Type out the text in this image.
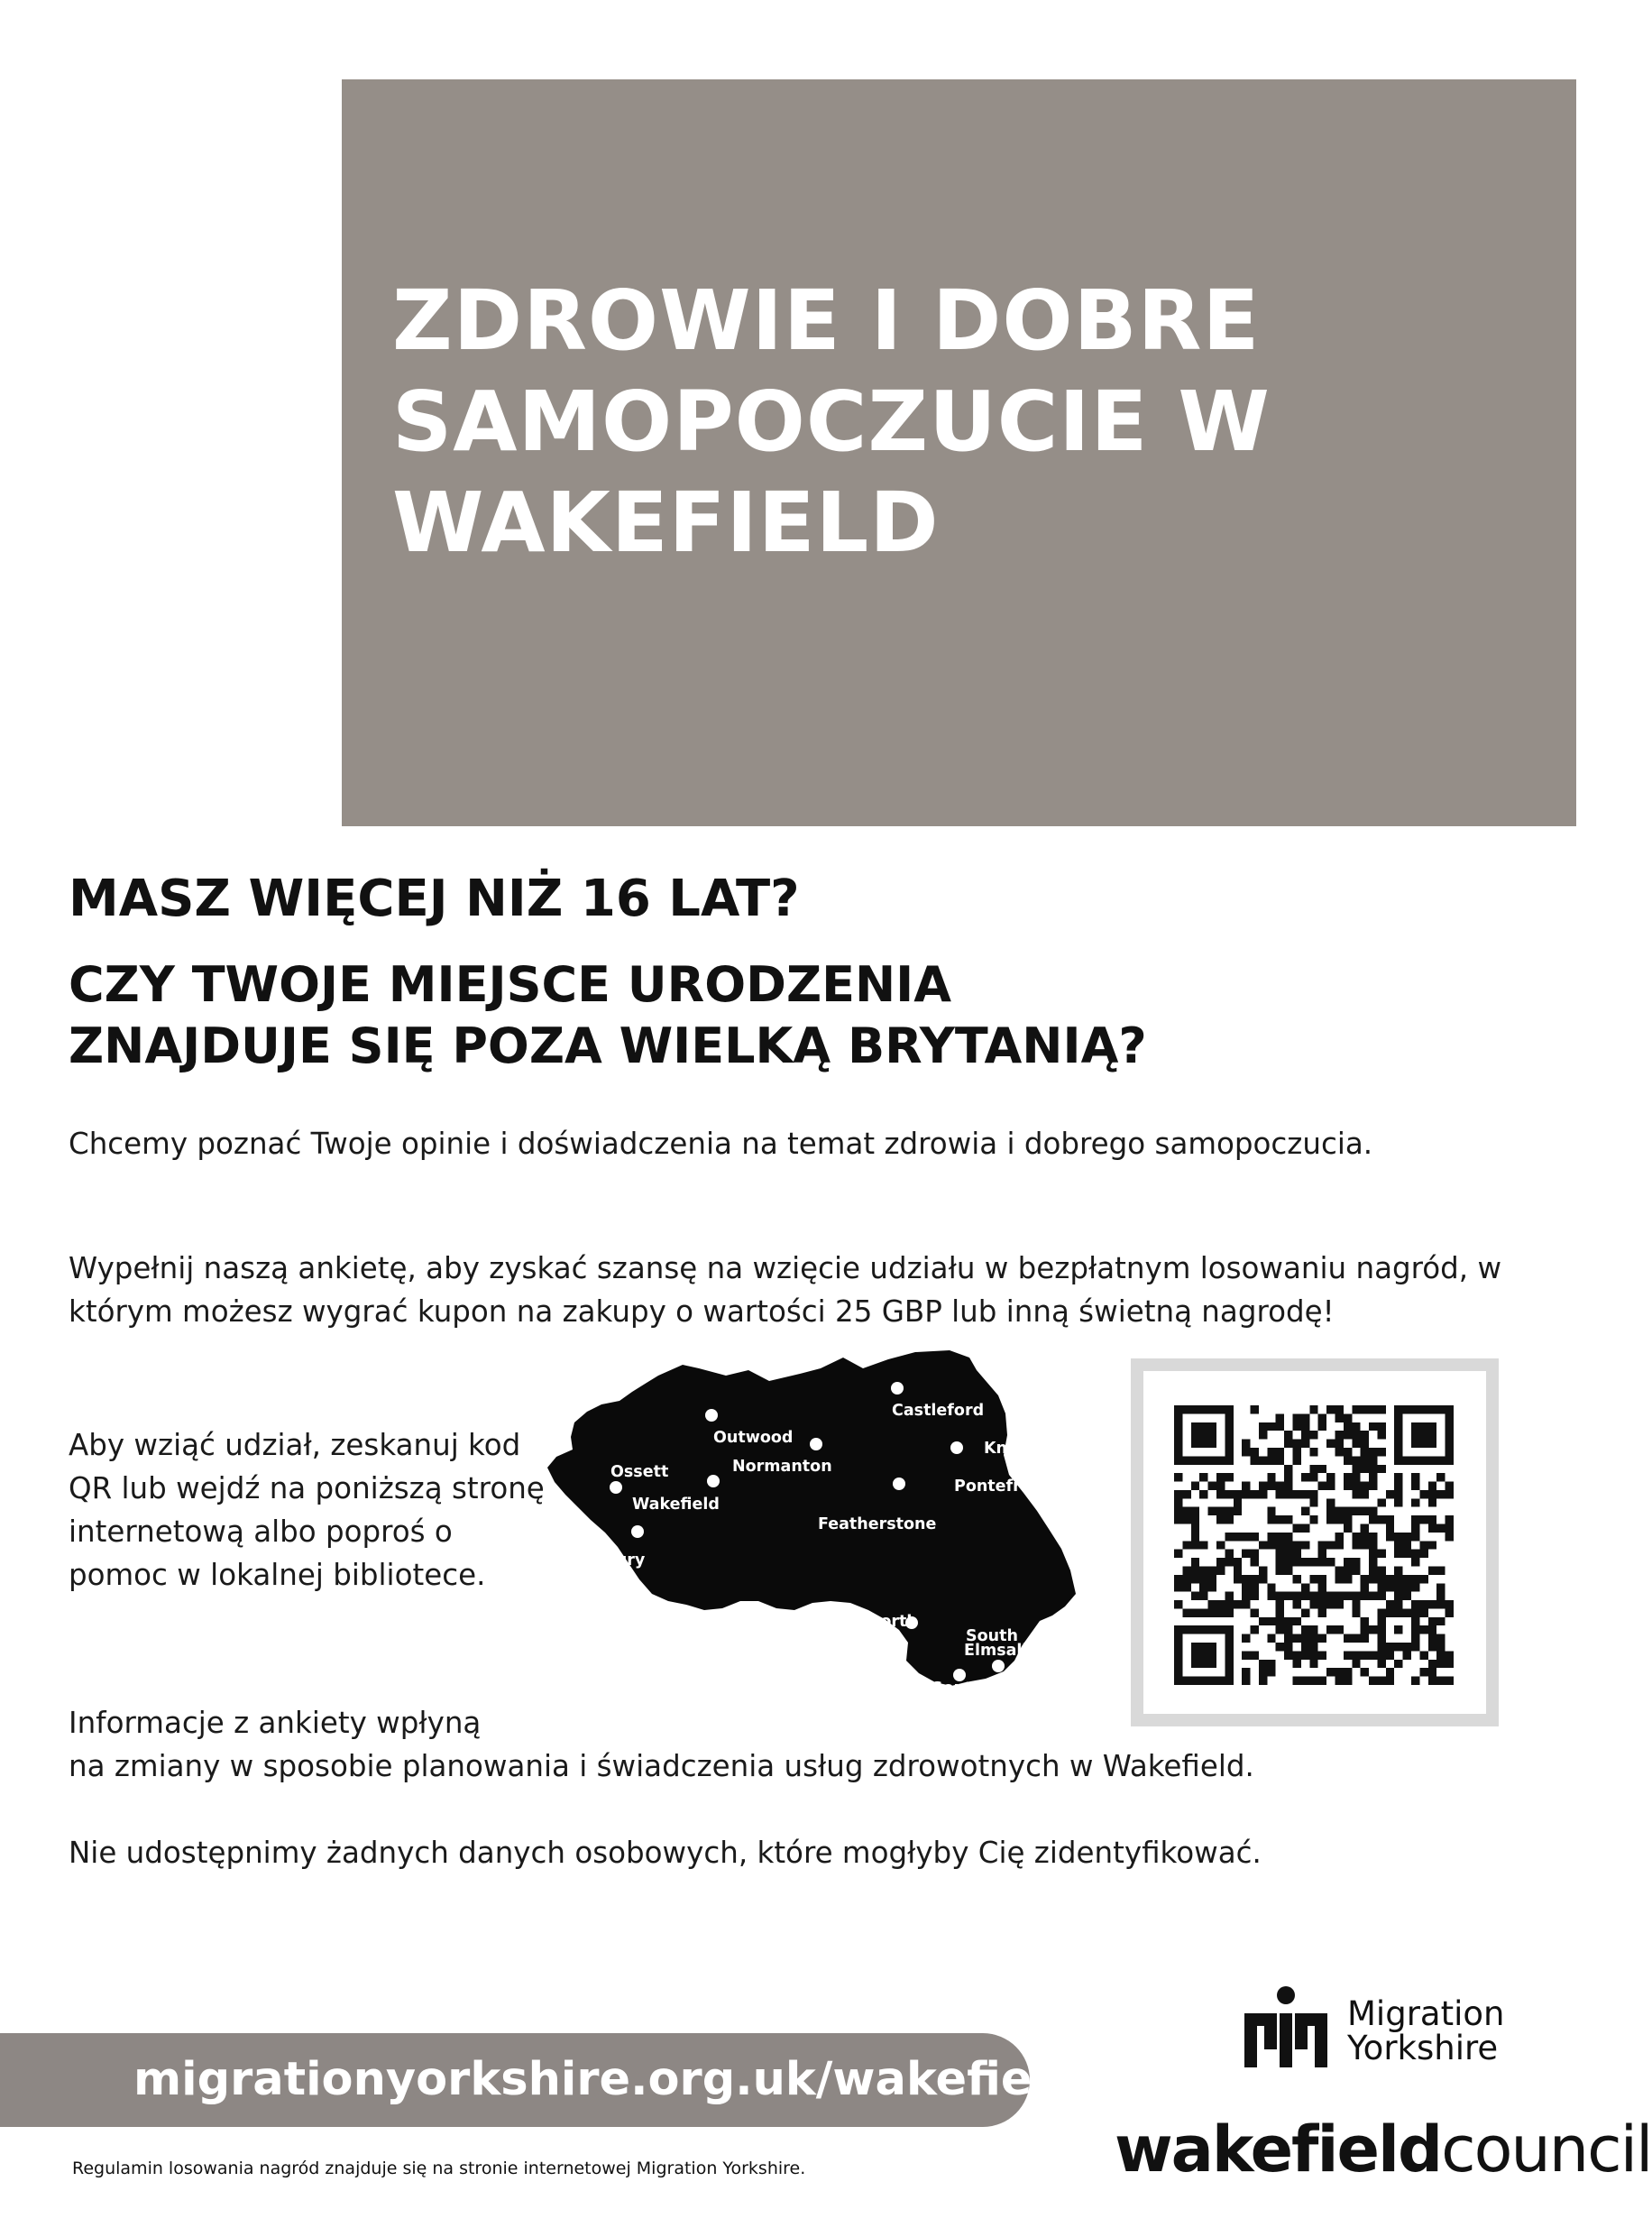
ZDROWIE I DOBRE
SAMOPOCZUCIE W
WAKEFIELD
MASZ WIĘCEJ NIŻ 16 LAT?
CZY TWOJE MIEJSCE URODZENIA
ZNAJDUJE SIĘ POZA WIELKĄ BRYTANIĄ?

Chcemy poznać Twoje opinie i doświadczenia na temat zdrowia i dobrego samopoczucia.

Wypełnij naszą ankietę, aby zyskać szansę na wzięcie udziału w bezpłatnym losowaniu nagród, w którym możesz wygrać kupon na zakupy o wartości 25 GBP lub inną świetną nagrodę!

Aby wziąć udział, zeskanuj kod QR lub wejdź na poniższą stronę internetową albo poproś o pomoc w lokalnej bibliotece.

Informacje z ankiety wpłyną
na zmiany w sposobie planowania i świadczenia usług zdrowotnych w Wakefield.

Nie udostępnimy żadnych danych osobowych, które mogłyby Cię zidentyfikować.

Castleford
Outwood
Knottingley
Normanton
Ossett
Pontefract
Wakefield
Featherstone
Horbury
Hemsworth
South
Elmsall
South
Kirkby
migrationyorkshire.org.uk/wakefield
Regulamin losowania nagród znajduje się na stronie internetowej Migration Yorkshire.
Migration
Yorkshire
wakefieldcouncil
